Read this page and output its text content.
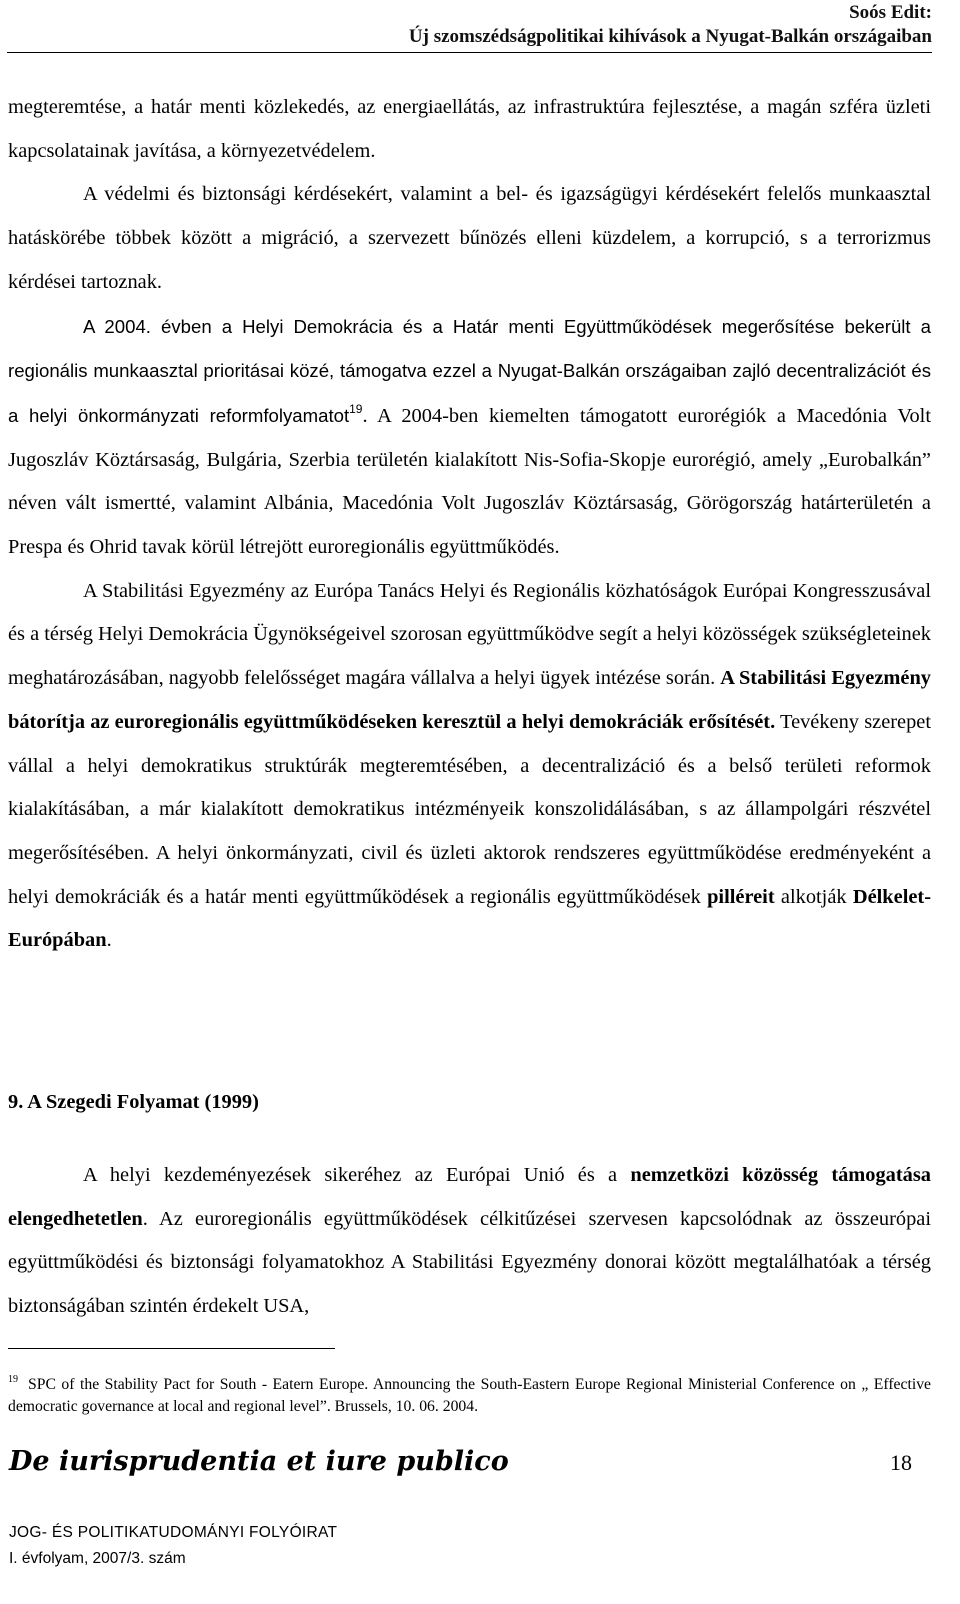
Soós Edit:
Új szomszédságpolitikai kihívások a Nyugat-Balkán országaiban

megteremtése, a határ menti közlekedés, az energiaellátás, az infrastruktúra fejlesztése, a magán szféra üzleti kapcsolatainak javítása, a környezetvédelem.

A védelmi és biztonsági kérdésekért, valamint a bel- és igazságügyi kérdésekért felelős munkaasztal hatáskörébe többek között a migráció, a szervezett bűnözés elleni küzdelem, a korrupció, s a terrorizmus kérdései tartoznak.

A 2004. évben a Helyi Demokrácia és a Határ menti Együttműködések megerősítése bekerült a regionális munkaasztal prioritásai közé, támogatva ezzel a Nyugat-Balkán országaiban zajló decentralizációt és a helyi önkormányzati reformfolyamatot$^{19}$. A 2004-ben kiemelten támogatott eurorégiók a Macedónia Volt Jugoszláv Köztársaság, Bulgária, Szerbia területén kialakított Nis-Sofia-Skopje eurorégió, amely „Eurobalkán” néven vált ismertté, valamint Albánia, Macedónia Volt Jugoszláv Köztársaság, Görögország határterületén a Prespa és Ohrid tavak körül létrejött euroregionális együttműködés.

A Stabilitási Egyezmény az Európa Tanács Helyi és Regionális közhatóságok Európai Kongresszusával és a térség Helyi Demokrácia Ügynökségeivel szorosan együttműködve segít a helyi közösségek szükségleteinek meghatározásában, nagyobb felelősséget magára vállalva a helyi ügyek intézése során. A Stabilitási Egyezmény bátorítja az euroregionális együttműködéseken keresztül a helyi demokráciák erősítését. Tevékeny szerepet vállal a helyi demokratikus struktúrák megteremtésében, a decentralizáció és a belső területi reformok kialakításában, a már kialakított demokratikus intézményeik konszolidálásában, s az állampolgári részvétel megerősítésében. A helyi önkormányzati, civil és üzleti aktorok rendszeres együttműködése eredményeként a helyi demokráciák és a határ menti együttműködések a regionális együttműködések pilléreit alkotják Délkelet-Európában.

9. A Szegedi Folyamat (1999)

A helyi kezdeményezések sikeréhez az Európai Unió és a nemzetközi közösség támogatása elengedhetetlen. Az euroregionális együttműködések célkitűzései szervesen kapcsolódnak az összeurópai együttműködési és biztonsági folyamatokhoz A Stabilitási Egyezmény donorai között megtalálhatóak a térség biztonságában szintén érdekelt USA,

$^{19}$ SPC of the Stability Pact for South - Eatern Europe. Announcing the South-Eastern Europe Regional Ministerial Conference on „ Effective democratic governance at local and regional level”. Brussels, 10. 06. 2004.
De iurisprudentia et iure publico	18
JOG- ÉS POLITIKATUDOMÁNYI FOLYÓIRAT
I. évfolyam, 2007/3. szám
